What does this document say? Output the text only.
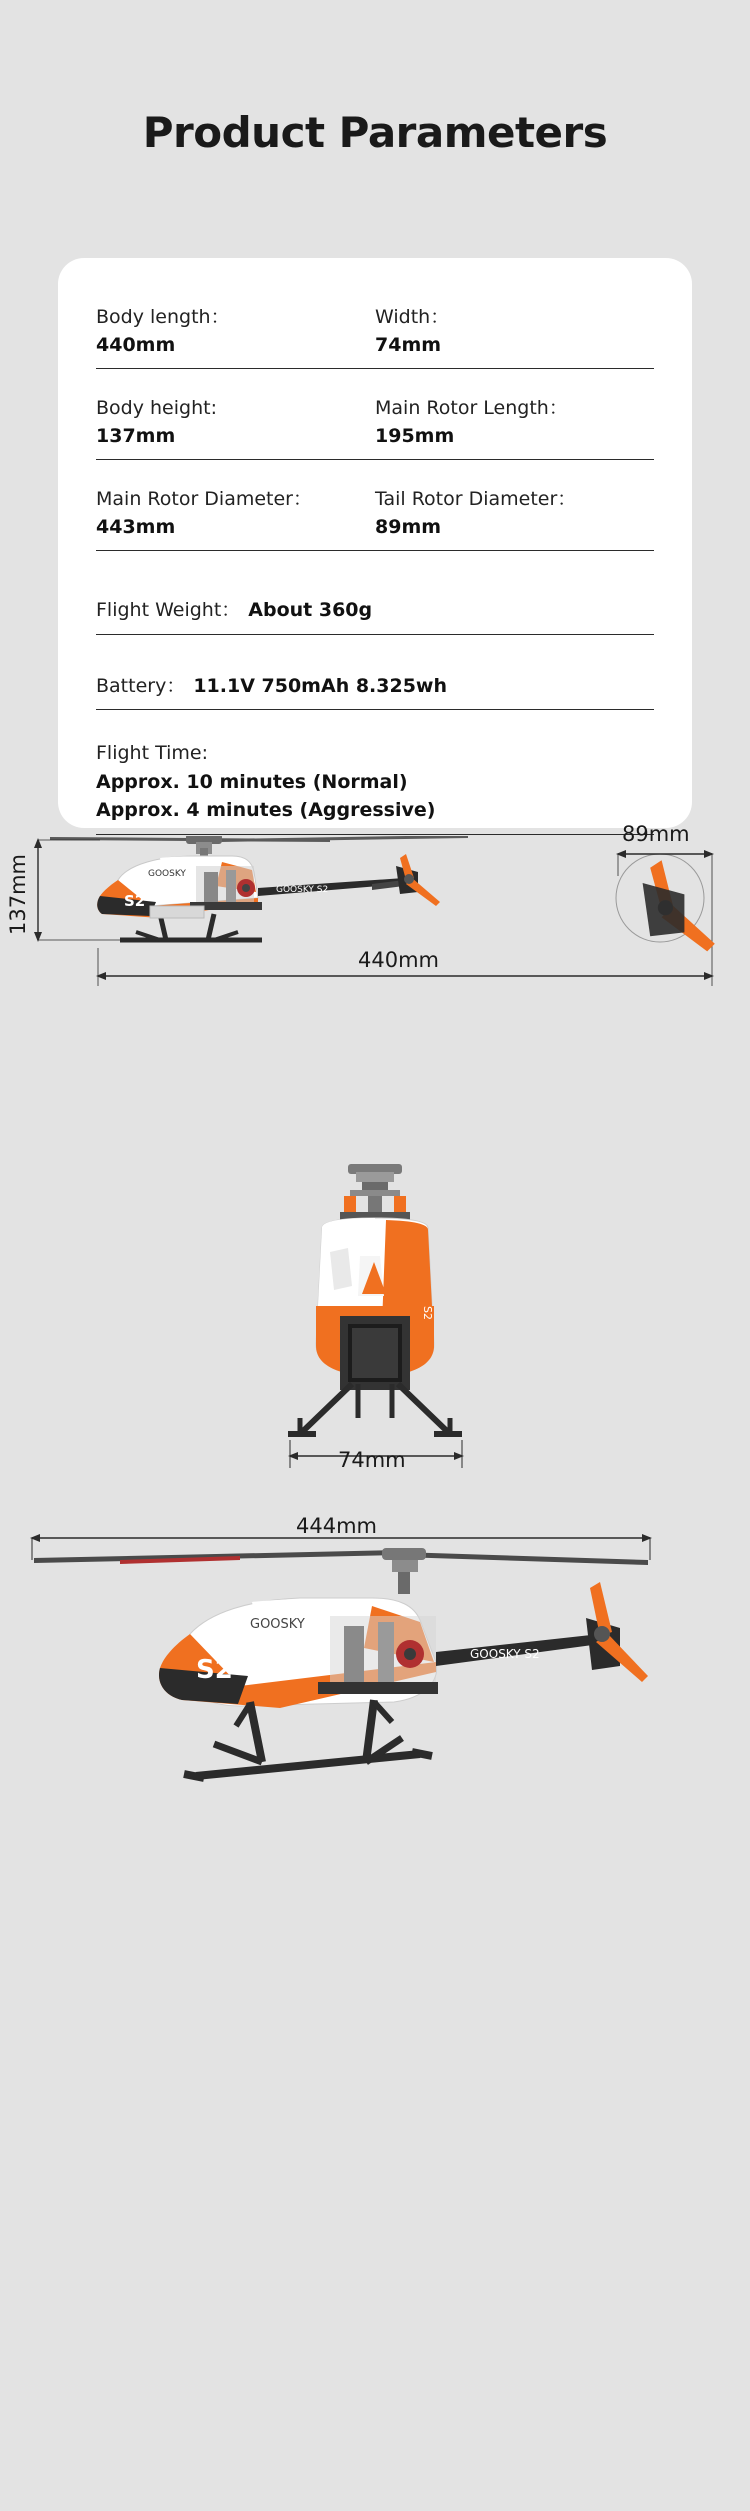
Product Parameters
Body length：
440mm
Width：
74mm
Body height:
137mm
Main Rotor Length：
195mm
Main Rotor Diameter：
443mm
Tail Rotor Diameter：
89mm
Flight Weight： About 360g
Battery： 11.1V 750mAh 8.325wh
Flight Time:
Approx. 10 minutes (Normal)
Approx. 4 minutes (Aggressive)
GOOSKY
S2
GOOSKY S2
137mm
440mm
89mm
S2
74mm
GOOSKY
S2
GOOSKY S2
444mm
